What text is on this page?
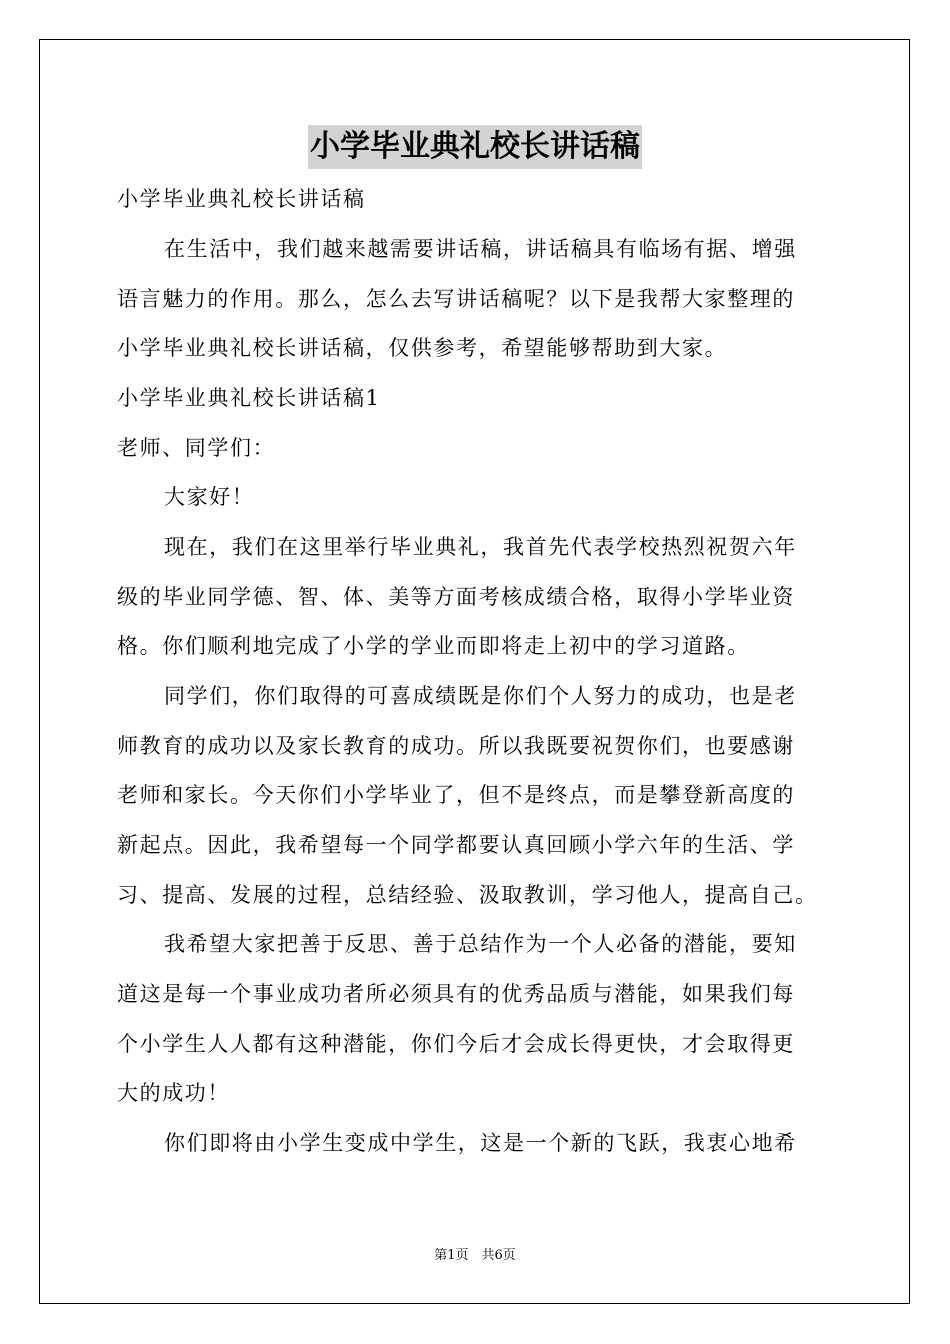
小学毕业典礼校长讲话稿
小学毕业典礼校长讲话稿
在生活中，我们越来越需要讲话稿，讲话稿具有临场有据、增强
语言魅力的作用。那么，怎么去写讲话稿呢？以下是我帮大家整理的
小学毕业典礼校长讲话稿，仅供参考，希望能够帮助到大家。
小学毕业典礼校长讲话稿1
老师、同学们：
大家好！
现在，我们在这里举行毕业典礼，我首先代表学校热烈祝贺六年
级的毕业同学德、智、体、美等方面考核成绩合格，取得小学毕业资
格。你们顺利地完成了小学的学业而即将走上初中的学习道路。
同学们，你们取得的可喜成绩既是你们个人努力的成功，也是老
师教育的成功以及家长教育的成功。所以我既要祝贺你们，也要感谢
老师和家长。今天你们小学毕业了，但不是终点，而是攀登新高度的
新起点。因此，我希望每一个同学都要认真回顾小学六年的生活、学
习、提高、发展的过程，总结经验、汲取教训，学习他人，提高自己。
我希望大家把善于反思、善于总结作为一个人必备的潜能，要知
道这是每一个事业成功者所必须具有的优秀品质与潜能，如果我们每
个小学生人人都有这种潜能，你们今后才会成长得更快，才会取得更
大的成功！
你们即将由小学生变成中学生，这是一个新的飞跃，我衷心地希
第1页　共6页
